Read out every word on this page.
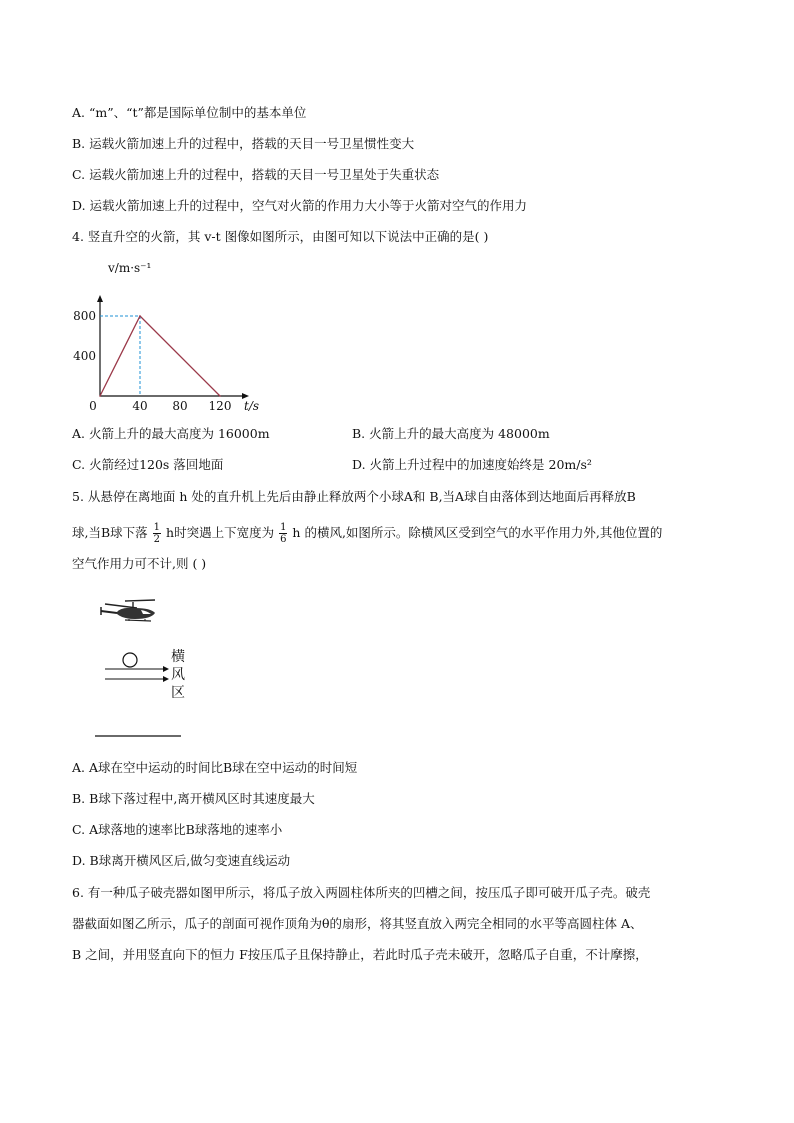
A. “m”、“t”都是国际单位制中的基本单位
B. 运载火箭加速上升的过程中，搭载的天目一号卫星惯性变大
C. 运载火箭加速上升的过程中，搭载的天目一号卫星处于失重状态
D. 运载火箭加速上升的过程中，空气对火箭的作用力大小等于火箭对空气的作用力
4. 竖直升空的火箭，其 v-t 图像如图所示，由图可知以下说法中正确的是( )
0	40 80 120
400
800
v/m·s⁻¹
t/s
A. 火箭上升的最大高度为 16000m	B. 火箭上升的最大高度为 48000m
C. 火箭经过120s 落回地面	D. 火箭上升过程中的加速度始终是 20m/s²
5. 从悬停在离地面 h 处的直升机上先后由静止释放两个小球A和 B,当A球自由落体到达地面后再释放B
球,当B球下落 $\frac{1}{2}$ h时突遇上下宽度为 $\frac{1}{6}$ h 的横风,如图所示。除横风区受到空气的水平作用力外,其他位置的
空气作用力可不计,则 ( )
横
风
区
A. A球在空中运动的时间比B球在空中运动的时间短
B. B球下落过程中,离开横风区时其速度最大
C. A球落地的速率比B球落地的速率小
D. B球离开横风区后,做匀变速直线运动
6. 有一种瓜子破壳器如图甲所示，将瓜子放入两圆柱体所夹的凹槽之间，按压瓜子即可破开瓜子壳。破壳
器截面如图乙所示，瓜子的剖面可视作顶角为θ的扇形，将其竖直放入两完全相同的水平等高圆柱体 A、
B 之间，并用竖直向下的恒力 F按压瓜子且保持静止，若此时瓜子壳未破开，忽略瓜子自重，不计摩擦，
